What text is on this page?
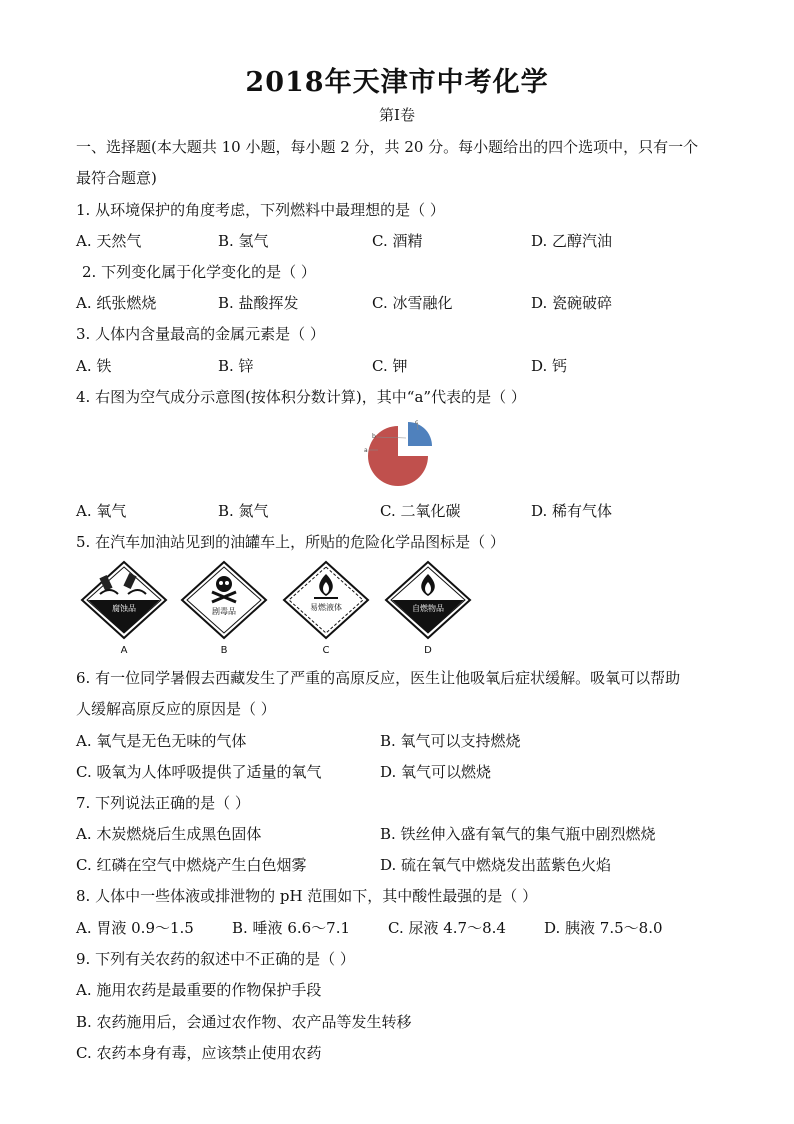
2018年天津市中考化学
第Ⅰ卷
一、选择题(本大题共 10 小题，每小题 2 分，共 20 分。每小题给出的四个选项中，只有一个
最符合题意)
1. 从环境保护的角度考虑，下列燃料中最理想的是（ ）
A. 天然气	B. 氢气	C. 酒精	D. 乙醇汽油
2. 下列变化属于化学变化的是（ ）
A. 纸张燃烧	B. 盐酸挥发	C. 冰雪融化	D. 瓷碗破碎
3. 人体内含量最高的金属元素是（ ）
A. 铁	B. 锌	C. 钾	D. 钙
4. 右图为空气成分示意图(按体积分数计算)，其中“a”代表的是（ ）
b
c
a
A. 氧气	B. 氮气	C. 二氧化碳	D. 稀有气体
5. 在汽车加油站见到的油罐车上，所贴的危险化学品图标是（ ）
腐蚀品
A
剧毒品
B
易燃液体
C
自燃物品
D
6. 有一位同学暑假去西藏发生了严重的高原反应，医生让他吸氧后症状缓解。吸氧可以帮助
人缓解高原反应的原因是（ ）
A. 氧气是无色无味的气体	B. 氧气可以支持燃烧
C. 吸氧为人体呼吸提供了适量的氧气	D. 氧气可以燃烧
7. 下列说法正确的是（ ）
A. 木炭燃烧后生成黑色固体	B. 铁丝伸入盛有氧气的集气瓶中剧烈燃烧
C. 红磷在空气中燃烧产生白色烟雾	D. 硫在氧气中燃烧发出蓝紫色火焰
8. 人体中一些体液或排泄物的 pH 范围如下，其中酸性最强的是（ ）
A. 胃液 0.9～1.5	B. 唾液 6.6～7.1	C. 尿液 4.7～8.4	D. 胰液 7.5～8.0
9. 下列有关农药的叙述中不正确的是（ ）
A. 施用农药是最重要的作物保护手段
B. 农药施用后，会通过农作物、农产品等发生转移
C. 农药本身有毒，应该禁止使用农药
